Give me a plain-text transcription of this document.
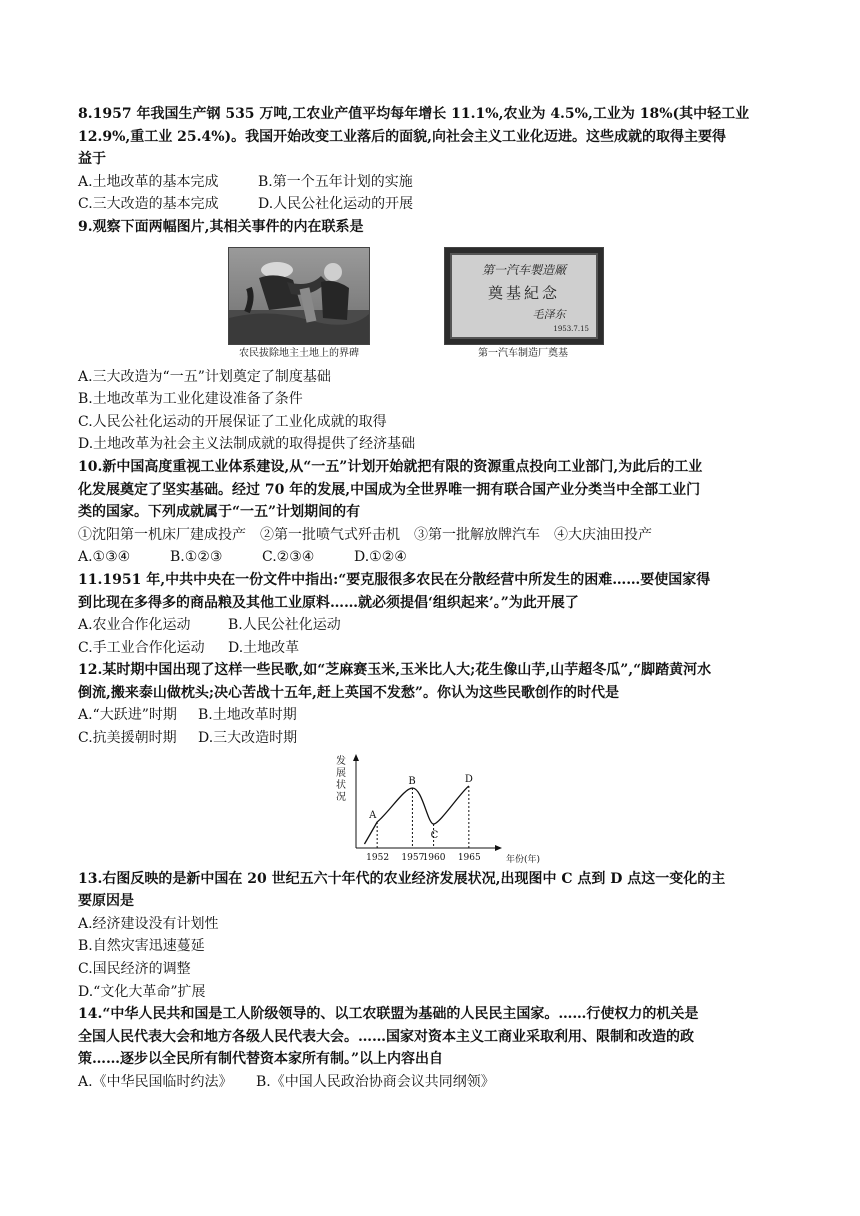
8.1957 年我国生产钢 535 万吨,工农业产值平均每年增长 11.1%,农业为 4.5%,工业为 18%(其中轻工业
12.9%,重工业 25.4%)。我国开始改变工业落后的面貌,向社会主义工业化迈进。这些成就的取得主要得
益于
A.土地改革的基本完成	B.第一个五年计划的实施
C.三大改造的基本完成	D.人民公社化运动的开展
9.观察下面两幅图片,其相关事件的内在联系是
农民拔除地主土地上的界碑
第一汽车製造厰
奠基紀念
毛泽东
1953.7.15
第一汽车制造厂奠基
A.三大改造为“一五”计划奠定了制度基础
B.土地改革为工业化建设准备了条件
C.人民公社化运动的开展保证了工业化成就的取得
D.土地改革为社会主义法制成就的取得提供了经济基础
10.新中国高度重视工业体系建设,从“一五”计划开始就把有限的资源重点投向工业部门,为此后的工业
化发展奠定了坚实基础。经过 70 年的发展,中国成为全世界唯一拥有联合国产业分类当中全部工业门
类的国家。下列成就属于“一五”计划期间的有
①沈阳第一机床厂建成投产　②第一批喷气式歼击机　③第一批解放牌汽车　④大庆油田投产
A.①③④	B.①②③	C.②③④	D.①②④
11.1951 年,中共中央在一份文件中指出:“要克服很多农民在分散经营中所发生的困难……要使国家得
到比现在多得多的商品粮及其他工业原料……就必须提倡‘组织起来’。”为此开展了
A.农业合作化运动	B.人民公社化运动
C.手工业合作化运动 D.土地改革
12.某时期中国出现了这样一些民歌,如“芝麻赛玉米,玉米比人大;花生像山芋,山芋超冬瓜”,“脚踏黄河水
倒流,搬来泰山做枕头;决心苦战十五年,赶上英国不发愁”。你认为这些民歌创作的时代是
A.“大跃进”时期 B.土地改革时期
C.抗美援朝时期 D.三大改造时期
发
展
状
况
A
1952
B
1957
C
1960
D
1965	年份(年)
13.右图反映的是新中国在 20 世纪五六十年代的农业经济发展状况,出现图中 C 点到 D 点这一变化的主
要原因是
A.经济建设没有计划性
B.自然灾害迅速蔓延
C.国民经济的调整
D.“文化大革命”扩展
14.“中华人民共和国是工人阶级领导的、以工农联盟为基础的人民民主国家。……行使权力的机关是
全国人民代表大会和地方各级人民代表大会。……国家对资本主义工商业采取利用、限制和改造的政
策……逐步以全民所有制代替资本家所有制。”以上内容出自
A.《中华民国临时约法》 B.《中国人民政治协商会议共同纲领》
